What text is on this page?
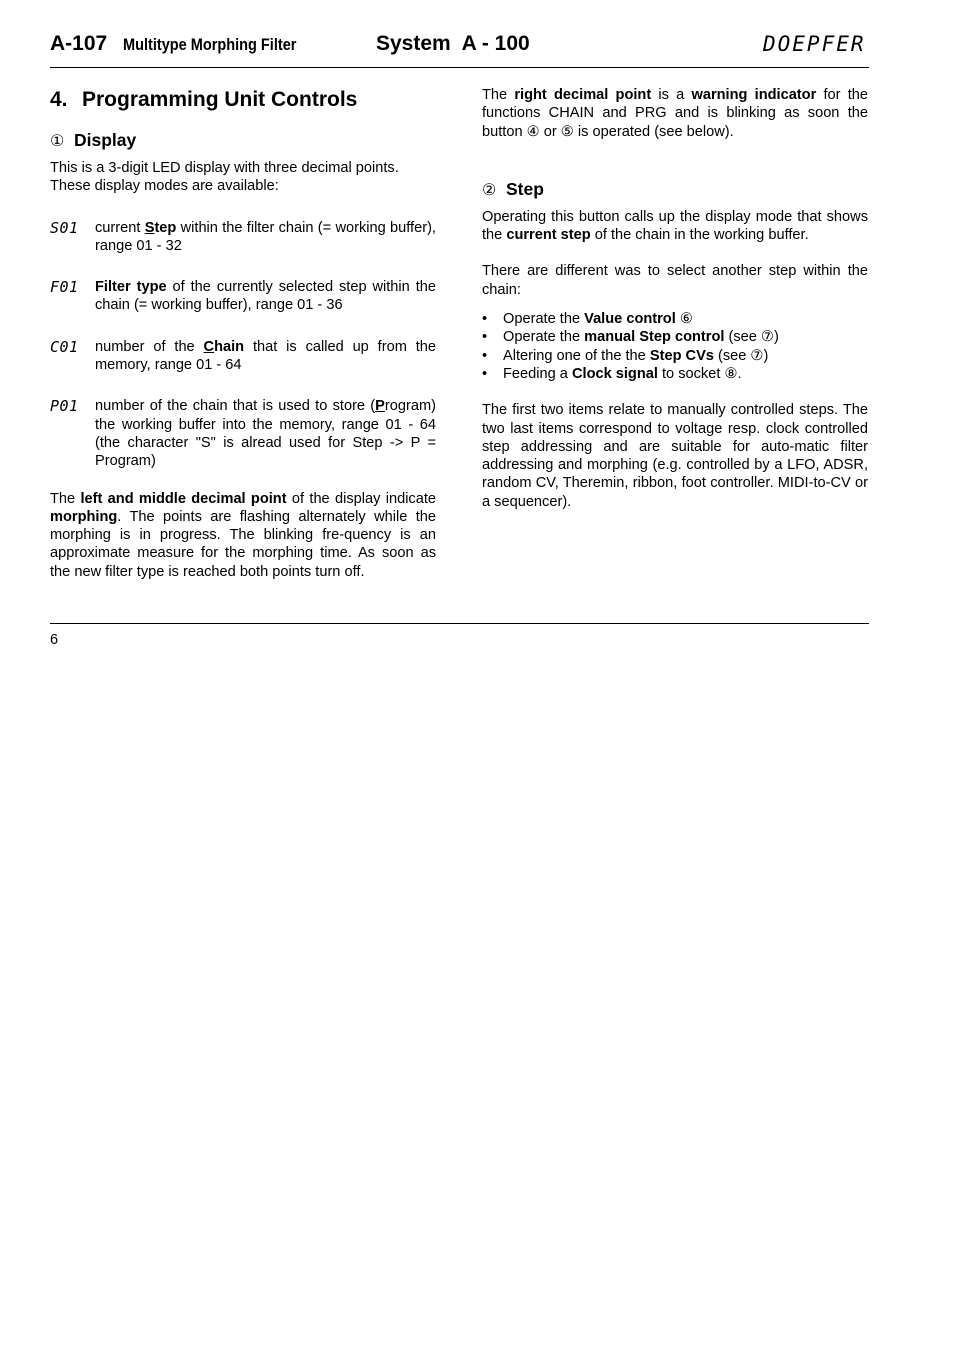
A-107 Multitype Morphing Filter	System  A - 100	DOEPFER
4. Programming Unit Controls
① Display

This is a 3-digit LED display with three decimal points. These display modes are available:

S01	current Step within the filter chain (= working buffer), range 01 - 32
F01	Filter type of the currently selected step within the chain (= working buffer), range 01 - 36
C01	number of the Chain that is called up from the memory, range 01 - 64
P01	number of the chain that is used to store (Program) the working buffer into the memory, range 01 - 64 (the character "S" is alread used for Step -> P = Program)

The left and middle decimal point of the display indicate morphing. The points are flashing alternately while the morphing is in progress. The blinking fre-quency is an approximate measure for the morphing time. As soon as the new filter type is reached both points turn off.

The right decimal point is a warning indicator for the functions CHAIN and PRG and is blinking as soon the button ④ or ⑤ is operated (see below).

② Step

Operating this button calls up the display mode that shows the current step of the chain in the working buffer.

There are different was to select another step within the chain:

• Operate the Value control ⑥
• Operate the manual Step control (see ⑦)
• Altering one of the the Step CVs (see ⑦)
• Feeding a Clock signal to socket ⑧.

The first two items relate to manually controlled steps. The two last items correspond to voltage resp. clock controlled step addressing and are suitable for auto-matic filter addressing and morphing (e.g. controlled by a LFO, ADSR, random CV, Theremin, ribbon, foot controller. MIDI-to-CV or a sequencer).

6
